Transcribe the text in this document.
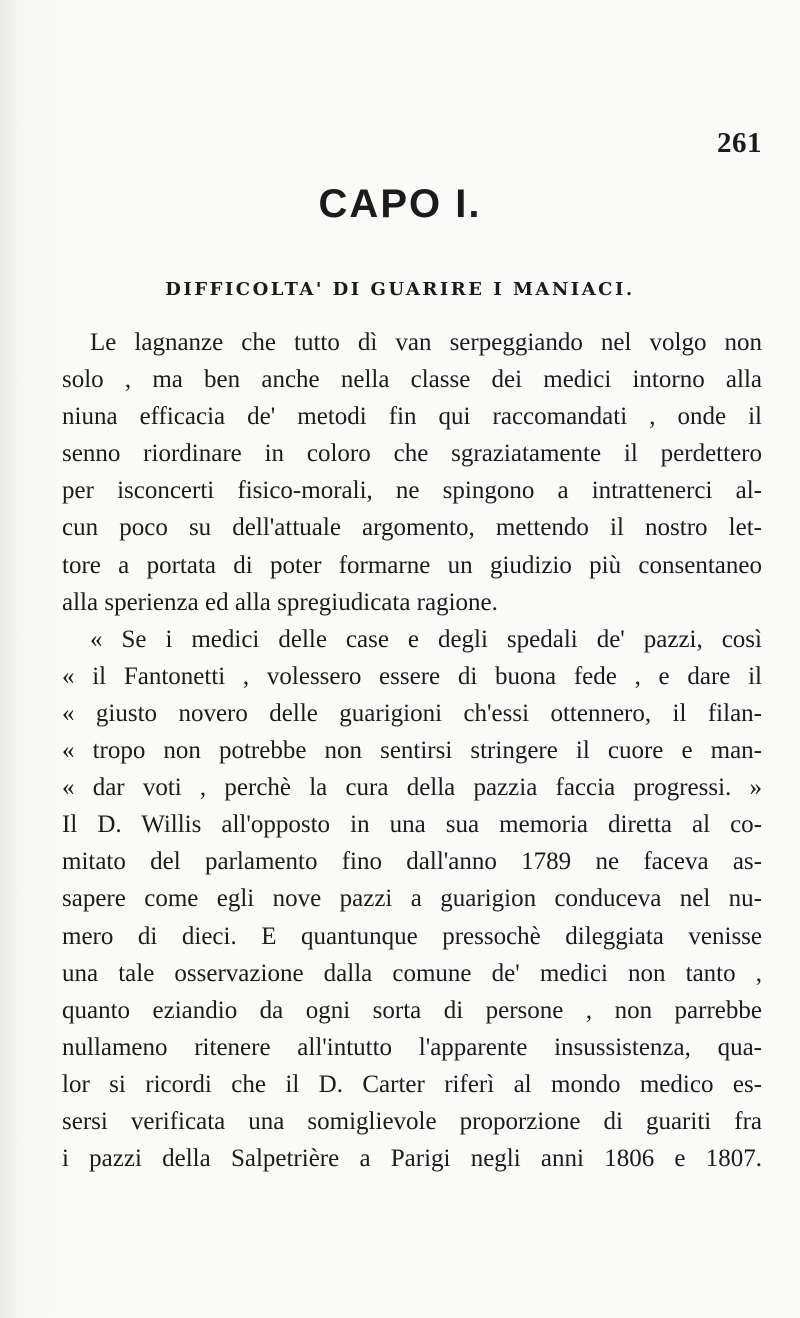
261
CAPO I.
DIFFICOLTA' DI GUARIRE I MANIACI.
Le lagnanze che tutto dì van serpeggiando nel volgo non
solo , ma ben anche nella classe dei medici intorno alla
niuna efficacia de' metodi fin qui raccomandati , onde il
senno riordinare in coloro che sgraziatamente il perdettero
per isconcerti fisico-morali, ne spingono a intrattenerci al-
cun poco su dell'attuale argomento, mettendo il nostro let-
tore a portata di poter formarne un giudizio più consentaneo
alla sperienza ed alla spregiudicata ragione.
« Se i medici delle case e degli spedali de' pazzi, così
« il Fantonetti , volessero essere di buona fede , e dare il
« giusto novero delle guarigioni ch'essi ottennero, il filan-
« tropo non potrebbe non sentirsi stringere il cuore e man-
« dar voti , perchè la cura della pazzia faccia progressi. »
Il D. Willis all'opposto in una sua memoria diretta al co-
mitato del parlamento fino dall'anno 1789 ne faceva as-
sapere come egli nove pazzi a guarigion conduceva nel nu-
mero di dieci. E quantunque pressochè dileggiata venisse
una tale osservazione dalla comune de' medici non tanto ,
quanto eziandio da ogni sorta di persone , non parrebbe
nullameno ritenere all'intutto l'apparente insussistenza, qua-
lor si ricordi che il D. Carter riferì al mondo medico es-
sersi verificata una somiglievole proporzione di guariti fra
i pazzi della Salpetrière a Parigi negli anni 1806 e 1807.
